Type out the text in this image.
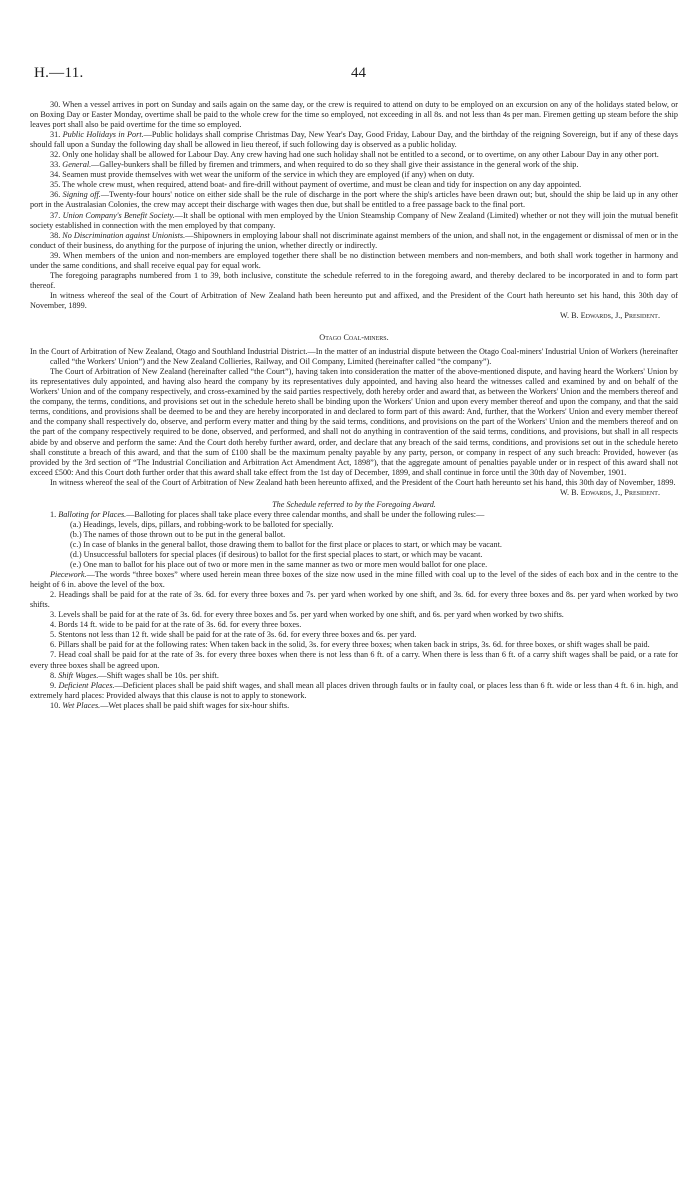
H.—11.	44

30. When a vessel arrives in port on Sunday and sails again on the same day, or the crew is required to attend on duty to be employed on an excursion on any of the holidays stated below, or on Boxing Day or Easter Monday, overtime shall be paid to the whole crew for the time so employed, not exceeding in all 8s. and not less than 4s per man. Firemen getting up steam before the ship leaves port shall also be paid overtime for the time so employed.

31. Public Holidays in Port.—Public holidays shall comprise Christmas Day, New Year's Day, Good Friday, Labour Day, and the birthday of the reigning Sovereign, but if any of these days should fall upon a Sunday the following day shall be allowed in lieu thereof, if such following day is observed as a public holiday.

32. Only one holiday shall be allowed for Labour Day. Any crew having had one such holiday shall not be entitled to a second, or to overtime, on any other Labour Day in any other port.

33. General.—Galley-bunkers shall be filled by firemen and trimmers, and when required to do so they shall give their assistance in the general work of the ship.

34. Seamen must provide themselves with wet wear the uniform of the service in which they are employed (if any) when on duty.

35. The whole crew must, when required, attend boat- and fire-drill without payment of overtime, and must be clean and tidy for inspection on any day appointed.

36. Signing off.—Twenty-four hours' notice on either side shall be the rule of discharge in the port where the ship's articles have been drawn out; but, should the ship be laid up in any other port in the Australasian Colonies, the crew may accept their discharge with wages then due, but shall be entitled to a free passage back to the final port.

37. Union Company's Benefit Society.—It shall be optional with men employed by the Union Steamship Company of New Zealand (Limited) whether or not they will join the mutual benefit society established in connection with the men employed by that company.

38. No Discrimination against Unionists.—Shipowners in employing labour shall not discriminate against members of the union, and shall not, in the engagement or dismissal of men or in the conduct of their business, do anything for the purpose of injuring the union, whether directly or indirectly.

39. When members of the union and non-members are employed together there shall be no distinction between members and non-members, and both shall work together in harmony and under the same conditions, and shall receive equal pay for equal work.

The foregoing paragraphs numbered from 1 to 39, both inclusive, constitute the schedule referred to in the foregoing award, and thereby declared to be incorporated in and to form part thereof.

In witness whereof the seal of the Court of Arbitration of New Zealand hath been hereunto put and affixed, and the President of the Court hath hereunto set his hand, this 30th day of November, 1899.

W. B. Edwards, J., President.

Otago Coal-miners.

In the Court of Arbitration of New Zealand, Otago and Southland Industrial District.—In the matter of an industrial dispute between the Otago Coal-miners' Industrial Union of Workers (hereinafter called “the Workers' Union”) and the New Zealand Collieries, Railway, and Oil Company, Limited (hereinafter called “the company”).

The Court of Arbitration of New Zealand (hereinafter called “the Court”), having taken into consideration the matter of the above-mentioned dispute, and having heard the Workers' Union by its representatives duly appointed, and having also heard the company by its representatives duly appointed, and having also heard the witnesses called and examined by and on behalf of the Workers' Union and of the company respectively, and cross-examined by the said parties respectively, doth hereby order and award that, as between the Workers' Union and the members thereof and the company, the terms, conditions, and provisions set out in the schedule hereto shall be binding upon the Workers' Union and upon every member thereof and upon the company, and that the said terms, conditions, and provisions shall be deemed to be and they are hereby incorporated in and declared to form part of this award: And, further, that the Workers' Union and every member thereof and the company shall respectively do, observe, and perform every matter and thing by the said terms, conditions, and provisions on the part of the Workers' Union and the members thereof and on the part of the company respectively required to be done, observed, and performed, and shall not do anything in contravention of the said terms, conditions, and provisions, but shall in all respects abide by and observe and perform the same: And the Court doth hereby further award, order, and declare that any breach of the said terms, conditions, and provisions set out in the schedule hereto shall constitute a breach of this award, and that the sum of £100 shall be the maximum penalty payable by any party, person, or company in respect of any such breach: Provided, however (as provided by the 3rd section of “The Industrial Conciliation and Arbitration Act Amendment Act, 1898”), that the aggregate amount of penalties payable under or in respect of this award shall not exceed £500: And this Court doth further order that this award shall take effect from the 1st day of December, 1899, and shall continue in force until the 30th day of November, 1901.

In witness whereof the seal of the Court of Arbitration of New Zealand hath been hereunto affixed, and the President of the Court hath hereunto set his hand, this 30th day of November, 1899.

W. B. Edwards, J., President.

The Schedule referred to by the Foregoing Award.

1. Balloting for Places.—Balloting for places shall take place every three calendar months, and shall be under the following rules:—

(a.) Headings, levels, dips, pillars, and robbing-work to be balloted for specially.

(b.) The names of those thrown out to be put in the general ballot.

(c.) In case of blanks in the general ballot, those drawing them to ballot for the first place or places to start, or which may be vacant.

(d.) Unsuccessful balloters for special places (if desirous) to ballot for the first special places to start, or which may be vacant.

(e.) One man to ballot for his place out of two or more men in the same manner as two or more men would ballot for one place.

Piecework.—The words “three boxes” where used herein mean three boxes of the size now used in the mine filled with coal up to the level of the sides of each box and in the centre to the height of 6 in. above the level of the box.

2. Headings shall be paid for at the rate of 3s. 6d. for every three boxes and 7s. per yard when worked by one shift, and 3s. 6d. for every three boxes and 8s. per yard when worked by two shifts.

3. Levels shall be paid for at the rate of 3s. 6d. for every three boxes and 5s. per yard when worked by one shift, and 6s. per yard when worked by two shifts.

4. Bords 14 ft. wide to be paid for at the rate of 3s. 6d. for every three boxes.

5. Stentons not less than 12 ft. wide shall be paid for at the rate of 3s. 6d. for every three boxes and 6s. per yard.

6. Pillars shall be paid for at the following rates: When taken back in the solid, 3s. for every three boxes; when taken back in strips, 3s. 6d. for three boxes, or shift wages shall be paid.

7. Head coal shall be paid for at the rate of 3s. for every three boxes when there is not less than 6 ft. of a carry. When there is less than 6 ft. of a carry shift wages shall be paid, or a rate for every three boxes shall be agreed upon.

8. Shift Wages.—Shift wages shall be 10s. per shift.

9. Deficient Places.—Deficient places shall be paid shift wages, and shall mean all places driven through faults or in faulty coal, or places less than 6 ft. wide or less than 4 ft. 6 in. high, and extremely hard places: Provided always that this clause is not to apply to stonework.

10. Wet Places.—Wet places shall be paid shift wages for six-hour shifts.
